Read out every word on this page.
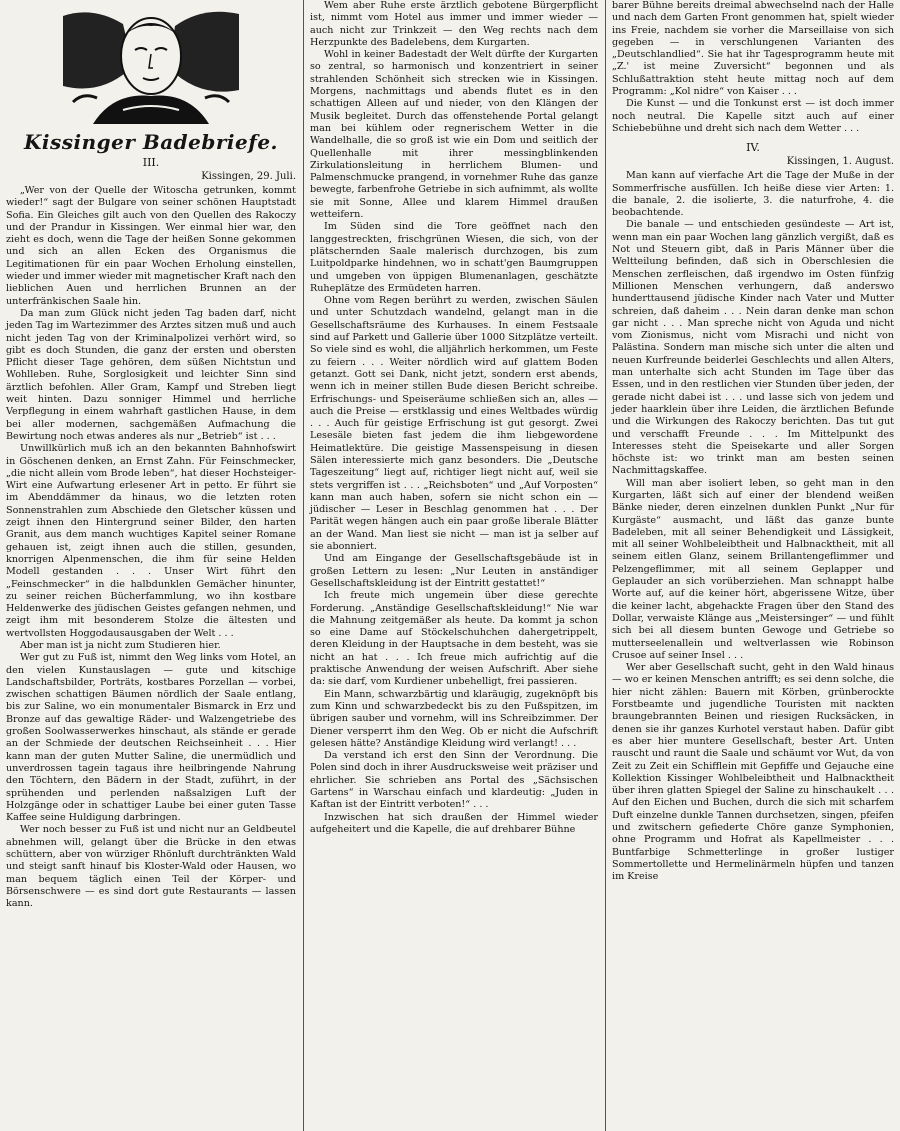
Kissinger Badebriefe.
III.
Kissingen, 29. Juli.

„Wer von der Quelle der Witoscha getrunken, kommt wieder!“ sagt der Bulgare von seiner schönen Hauptstadt Sofia. Ein Gleiches gilt auch von den Quellen des Rakoczy und der Prandur in Kissingen. Wer einmal hier war, den zieht es doch, wenn die Tage der heißen Sonne gekommen und sich an allen Ecken des Organismus die Legitimationen für ein paar Wochen Erholung einstellen, wieder und immer wieder mit magnetischer Kraft nach den lieblichen Auen und herrlichen Brunnen an der unterfränkischen Saale hin.

Da man zum Glück nicht jeden Tag baden darf, nicht jeden Tag im Wartezimmer des Arztes sitzen muß und auch nicht jeden Tag von der Kriminalpolizei verhört wird, so gibt es doch Stunden, die ganz der ersten und obersten Pflicht dieser Tage gehören, dem süßen Nichtstun und Wohlleben. Ruhe, Sorglosigkeit und leichter Sinn sind ärztlich befohlen. Aller Gram, Kampf und Streben liegt weit hinten. Dazu sonniger Himmel und herrliche Verpflegung in einem wahrhaft gastlichen Hause, in dem bei aller modernen, sachgemäßen Aufmachung die Bewirtung noch etwas anderes als nur „Betrieb“ ist . . .

Unwillkürlich muß ich an den bekannten Bahnhofswirt in Göschenen denken, an Ernst Zahn. Für Feinschmecker, „die nicht allein vom Brode leben“, hat dieser Hochsteiger-Wirt eine Aufwartung erlesener Art in petto. Er führt sie im Abenddämmer da hinaus, wo die letzten roten Sonnenstrahlen zum Abschiede den Gletscher küssen und zeigt ihnen den Hintergrund seiner Bilder, den harten Granit, aus dem manch wuchtiges Kapitel seiner Romane gehauen ist, zeigt ihnen auch die stillen, gesunden, knorrigen Alpenmenschen, die ihm für seine Helden Modell gestanden . . . Unser Wirt führt den „Feinschmecker“ in die halbdunklen Gemächer hinunter, zu seiner reichen Bücherfammlung, wo ihn kostbare Heldenwerke des jüdischen Geistes gefangen nehmen, und zeigt ihm mit besonderem Stolze die ältesten und wertvollsten Hoggodausausgaben der Welt . . .

Aber man ist ja nicht zum Studieren hier.

Wer gut zu Fuß ist, nimmt den Weg links vom Hotel, an den vielen Kunstauslagen — gute und kitschige Landschaftsbilder, Porträts, kostbares Porzellan — vorbei, zwischen schattigen Bäumen nördlich der Saale entlang, bis zur Saline, wo ein monumentaler Bismarck in Erz und Bronze auf das gewaltige Räder- und Walzengetriebe des großen Soolwasserwerkes hinschaut, als stände er gerade an der Schmiede der deutschen Reichseinheit . . . Hier kann man der guten Mutter Saline, die unermüdlich und unverdrossen tagein tagaus ihre heilbringende Nahrung den Töchtern, den Bädern in der Stadt, zuführt, in der sprühenden und perlenden naßsalzigen Luft der Holzgänge oder in schattiger Laube bei einer guten Tasse Kaffee seine Huldigung darbringen.

Wer noch besser zu Fuß ist und nicht nur an Geldbeutel abnehmen will, gelangt über die Brücke in den etwas schüttern, aber von würziger Rhönluft durchtränkten Wald und steigt sanft hinauf bis Kloster-Wald oder Hausen, wo man bequem täglich einen Teil der Körper- und Börsenschwere — es sind dort gute Restaurants — lassen kann.

Wem aber Ruhe erste ärztlich gebotene Bürgerpflicht ist, nimmt vom Hotel aus immer und immer wieder — auch nicht zur Trinkzeit — den Weg rechts nach dem Herzpunkte des Badelebens, dem Kurgarten.

Wohl in keiner Badestadt der Welt dürfte der Kurgarten so zentral, so harmonisch und konzentriert in seiner strahlenden Schönheit sich strecken wie in Kissingen. Morgens, nachmittags und abends flutet es in den schattigen Alleen auf und nieder, von den Klängen der Musik begleitet. Durch das offenstehende Portal gelangt man bei kühlem oder regnerischem Wetter in die Wandelhalle, die so groß ist wie ein Dom und seitlich der Quellenhalle mit ihrer messingblinkenden Zirkulationsleitung in herrlichem Blumen- und Palmenschmucke prangend, in vornehmer Ruhe das ganze bewegte, farbenfrohe Getriebe in sich aufnimmt, als wollte sie mit Sonne, Allee und klarem Himmel draußen wetteifern.

Im Süden sind die Tore geöffnet nach den langgestreckten, frischgrünen Wiesen, die sich, von der plätschernden Saale malerisch durchzogen, bis zum Luitpoldparke hindehnen, wo in schatt'gen Baumgruppen und umgeben von üppigen Blumenanlagen, geschätzte Ruheplätze des Ermüdeten harren.

Ohne vom Regen berührt zu werden, zwischen Säulen und unter Schutzdach wandelnd, gelangt man in die Gesellschaftsräume des Kurhauses. In einem Festsaale sind auf Parkett und Gallerie über 1000 Sitzplätze verteilt. So viele sind es wohl, die alljährlich herkommen, um Feste zu feiern . . . Weiter nördlich wird auf glattem Boden getanzt. Gott sei Dank, nicht jetzt, sondern erst abends, wenn ich in meiner stillen Bude diesen Bericht schreibe. Erfrischungs- und Speiseräume schließen sich an, alles — auch die Preise — erstklassig und eines Weltbades würdig . . . Auch für geistige Erfrischung ist gut gesorgt. Zwei Lesesäle bieten fast jedem die ihm liebgewordene Heimatlektüre. Die geistige Massenspeisung in diesen Sälen interessierte mich ganz besonders. Die „Deutsche Tageszeitung“ liegt auf, richtiger liegt nicht auf, weil sie stets vergriffen ist . . . „Reichsboten“ und „Auf Vorposten“ kann man auch haben, sofern sie nicht schon ein — jüdischer — Leser in Beschlag genommen hat . . . Der Parität wegen hängen auch ein paar große liberale Blätter an der Wand. Man liest sie nicht — man ist ja selber auf sie abonniert.

Und am Eingange der Gesellschaftsgebäude ist in großen Lettern zu lesen: „Nur Leuten in anständiger Gesellschaftskleidung ist der Eintritt gestattet!“

Ich freute mich ungemein über diese gerechte Forderung. „Anständige Gesellschaftskleidung!“ Nie war die Mahnung zeitgemäßer als heute. Da kommt ja schon so eine Dame auf Stöckelschuhchen dahergetrippelt, deren Kleidung in der Hauptsache in dem besteht, was sie nicht an hat . . . Ich freue mich aufrichtig auf die praktische Anwendung der weisen Aufschrift. Aber siehe da: sie darf, vom Kurdiener unbehelligt, frei passieren.

Ein Mann, schwarzbärtig und klaräugig, zugeknöpft bis zum Kinn und schwarzbedeckt bis zu den Fußspitzen, im übrigen sauber und vornehm, will ins Schreibzimmer. Der Diener versperrt ihm den Weg. Ob er nicht die Aufschrift gelesen hätte? Anständige Kleidung wird verlangt! . . .

Da verstand ich erst den Sinn der Verordnung. Die Polen sind doch in ihrer Ausdrucksweise weit präziser und ehrlicher. Sie schrieben ans Portal des „Sächsischen Gartens“ in Warschau einfach und klardeutig: „Juden in Kaftan ist der Eintritt verboten!“ . . .

Inzwischen hat sich draußen der Himmel wieder aufgeheitert und die Kapelle, die auf drehbarer Bühne

barer Bühne bereits dreimal abwechselnd nach der Halle und nach dem Garten Front genommen hat, spielt wieder ins Freie, nachdem sie vorher die Marseillaise von sich gegeben — in verschlungenen Varianten des „Deutschlandlied“. Sie hat ihr Tagesprogramm heute mit „Z.' ist meine Zuversicht“ begonnen und als Schlußattraktion steht heute mittag noch auf dem Programm: „Kol nidre“ von Kaiser . . .

Die Kunst — und die Tonkunst erst — ist doch immer noch neutral. Die Kapelle sitzt auch auf einer Schiebebühne und dreht sich nach dem Wetter . . .

IV.
Kissingen, 1. August.

Man kann auf vierfache Art die Tage der Muße in der Sommerfrische ausfüllen. Ich heiße diese vier Arten: 1. die banale, 2. die isolierte, 3. die naturfrohe, 4. die beobachtende.

Die banale — und entschieden gesündeste — Art ist, wenn man ein paar Wochen lang gänzlich vergißt, daß es Not und Steuern gibt, daß in Paris Männer über die Weltteilung befinden, daß sich in Oberschlesien die Menschen zerfleischen, daß irgendwo im Osten fünfzig Millionen Menschen verhungern, daß anderswo hunderttausend jüdische Kinder nach Vater und Mutter schreien, daß daheim . . . Nein daran denke man schon gar nicht . . . Man spreche nicht von Aguda und nicht vom Zionismus, nicht vom Misrachi und nicht von Palästina. Sondern man mische sich unter die alten und neuen Kurfreunde beiderlei Geschlechts und allen Alters, man unterhalte sich acht Stunden im Tage über das Essen, und in den restlichen vier Stunden über jeden, der gerade nicht dabei ist . . . und lasse sich von jedem und jeder haarklein über ihre Leiden, die ärztlichen Befunde und die Wirkungen des Rakoczy berichten. Das tut gut und verschafft Freunde . . . Im Mittelpunkt des Interesses steht die Speisekarte und aller Sorgen höchste ist: wo trinkt man am besten seinen Nachmittagskaffee.

Will man aber isoliert leben, so geht man in den Kurgarten, läßt sich auf einer der blendend weißen Bänke nieder, deren einzelnen dunklen Punkt „Nur für Kurgäste“ ausmacht, und läßt das ganze bunte Badeleben, mit all seiner Behendigkeit und Lässigkeit, mit all seiner Wohlbeleibtheit und Halbnacktheit, mit all seinem eitlen Glanz, seinem Brillantengeflimmer und Pelzengeflimmer, mit all seinem Geplapper und Geplauder an sich vorüberziehen. Man schnappt halbe Worte auf, auf die keiner hört, abgerissene Witze, über die keiner lacht, abgehackte Fragen über den Stand des Dollar, verwaiste Klänge aus „Meistersinger“ — und fühlt sich bei all diesem bunten Gewoge und Getriebe so mutterseelenallein und weltverlassen wie Robinson Crusoe auf seiner Insel . . .

Wer aber Gesellschaft sucht, geht in den Wald hinaus — wo er keinen Menschen antrifft; es sei denn solche, die hier nicht zählen: Bauern mit Körben, grünberockte Forstbeamte und jugendliche Touristen mit nackten braungebrannten Beinen und riesigen Rucksäcken, in denen sie ihr ganzes Kurhotel verstaut haben. Dafür gibt es aber hier muntere Gesellschaft, bester Art. Unten rauscht und raunt die Saale und schäumt vor Wut, da von Zeit zu Zeit ein Schifflein mit Gepfiffe und Gejauche eine Kollektion Kissinger Wohlbeleibtheit und Halbnacktheit über ihren glatten Spiegel der Saline zu hinschaukelt . . . Auf den Eichen und Buchen, durch die sich mit scharfem Duft einzelne dunkle Tannen durchsetzen, singen, pfeifen und zwitschern gefiederte Chöre ganze Symphonien, ohne Programm und Hofrat als Kapellmeister . . . Buntfarbige Schmetterlinge in großer lustiger Sommertollette und Hermelinärmeln hüpfen und tanzen im Kreise
